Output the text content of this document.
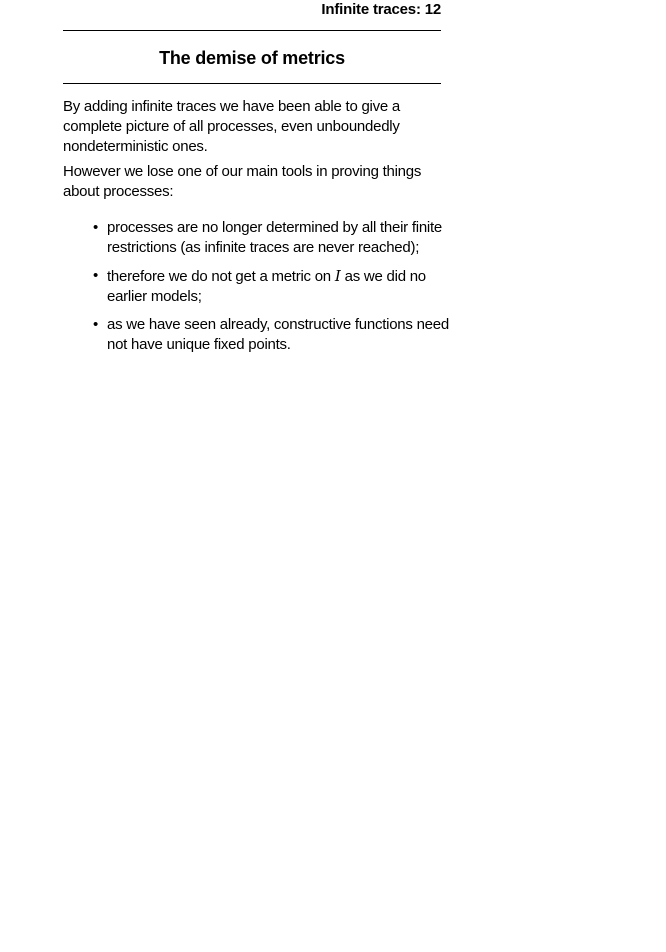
Infinite traces: 12
The demise of metrics
By adding infinite traces we have been able to give a
complete picture of all processes, even unboundedly
nondeterministic ones.
However we lose one of our main tools in proving things
about processes:
• processes are no longer determined by all their finite
restrictions (as infinite traces are never reached);
• therefore we do not get a metric on I as we did no
earlier models;
• as we have seen already, constructive functions need
not have unique fixed points.
